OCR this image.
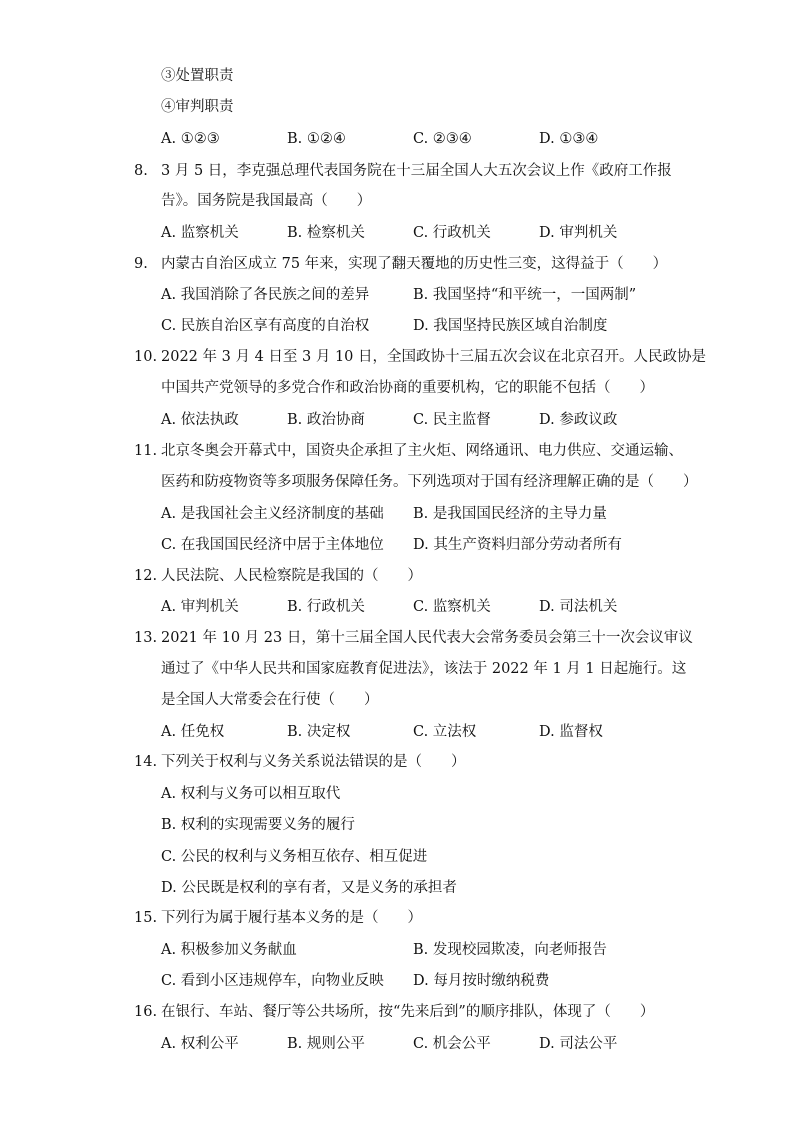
③处置职责
④审判职责
A. ①②③	B. ①②④	C. ②③④	D. ①③④
8. 3 月 5 日，李克强总理代表国务院在十三届全国人大五次会议上作《政府工作报
告》。国务院是我国最高（　　）
A. 监察机关	B. 检察机关	C. 行政机关	D. 审判机关
9. 内蒙古自治区成立 75 年来，实现了翻天覆地的历史性三变，这得益于（　　）
A. 我国消除了各民族之间的差异	B. 我国坚持“和平统一，一国两制”
C. 民族自治区享有高度的自治权	D. 我国坚持民族区域自治制度
10. 2022 年 3 月 4 日至 3 月 10 日，全国政协十三届五次会议在北京召开。人民政协是
中国共产党领导的多党合作和政治协商的重要机构，它的职能不包括（　　）
A. 依法执政	B. 政治协商	C. 民主监督	D. 参政议政
11. 北京冬奥会开幕式中，国资央企承担了主火炬、网络通讯、电力供应、交通运输、
医药和防疫物资等多项服务保障任务。下列选项对于国有经济理解正确的是（　　）
A. 是我国社会主义经济制度的基础 B. 是我国国民经济的主导力量
C. 在我国国民经济中居于主体地位 D. 其生产资料归部分劳动者所有
12. 人民法院、人民检察院是我国的（　　）
A. 审判机关	B. 行政机关	C. 监察机关	D. 司法机关
13. 2021 年 10 月 23 日，第十三届全国人民代表大会常务委员会第三十一次会议审议
通过了《中华人民共和国家庭教育促进法》，该法于 2022 年 1 月 1 日起施行。这
是全国人大常委会在行使（　　）
A. 任免权	B. 决定权	C. 立法权	D. 监督权
14. 下列关于权利与义务关系说法错误的是（　　）
A. 权利与义务可以相互取代
B. 权利的实现需要义务的履行
C. 公民的权利与义务相互依存、相互促进
D. 公民既是权利的享有者，又是义务的承担者
15. 下列行为属于履行基本义务的是（　　）
A. 积极参加义务献血	B. 发现校园欺凌，向老师报告
C. 看到小区违规停车，向物业反映 D. 每月按时缴纳税费
16. 在银行、车站、餐厅等公共场所，按“先来后到”的顺序排队，体现了（　　）
A. 权利公平	B. 规则公平	C. 机会公平	D. 司法公平
